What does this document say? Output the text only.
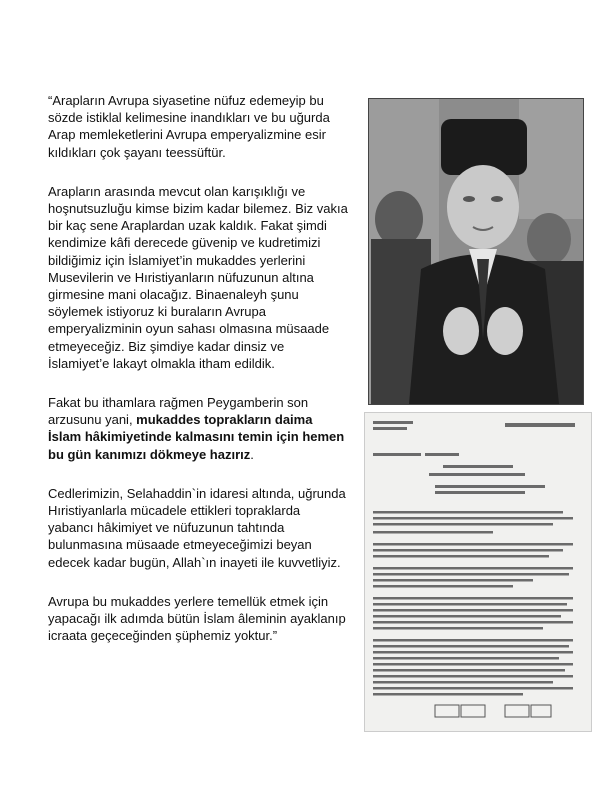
“Arapların Avrupa siyasetine nüfuz edemeyip bu sözde istiklal kelimesine inandıkları ve bu uğurda Arap memleketlerini Avrupa emperyalizmine esir kıldıkları çok şayanı teessüftür.

Arapların arasında mevcut olan karışıklığı ve hoşnutsuzluğu kimse bizim kadar bilemez. Biz vakıa bir kaç sene Araplardan uzak kaldık. Fakat şimdi kendimize kâfi derecede güvenip ve kudretimizi bildiğimiz için İslamiyet’in mukaddes yerlerini Musevilerin ve Hıristiyanların nüfuzunun altına girmesine mani olacağız. Binaenaleyh şunu söylemek istiyoruz ki buraların Avrupa emperyalizminin oyun sahası olmasına müsaade etmeyeceğiz. Biz şimdiye kadar dinsiz ve İslamiyet’e lakayt olmakla itham edildik.

Fakat bu ithamlara rağmen Peygamberin son arzusunu yani, mukaddes toprakların daima İslam hâkimiyetinde kalmasını temin için hemen bu gün kanımızı dökmeye hazırız.

Cedlerimizin, Selahaddin`in idaresi altında, uğrunda Hıristiyanlarla mücadele ettikleri topraklarda yabancı hâkimiyet ve nüfuzunun tahtında bulunmasına müsaade etmeyeceğimizi beyan edecek kadar bugün, Allah`ın inayeti ile kuvvetliyiz.

Avrupa bu mukaddes yerlere temellük etmek için yapacağı ilk adımda bütün İslam âleminin ayaklanıp icraata geçeceğinden şüphemiz yoktur.”
